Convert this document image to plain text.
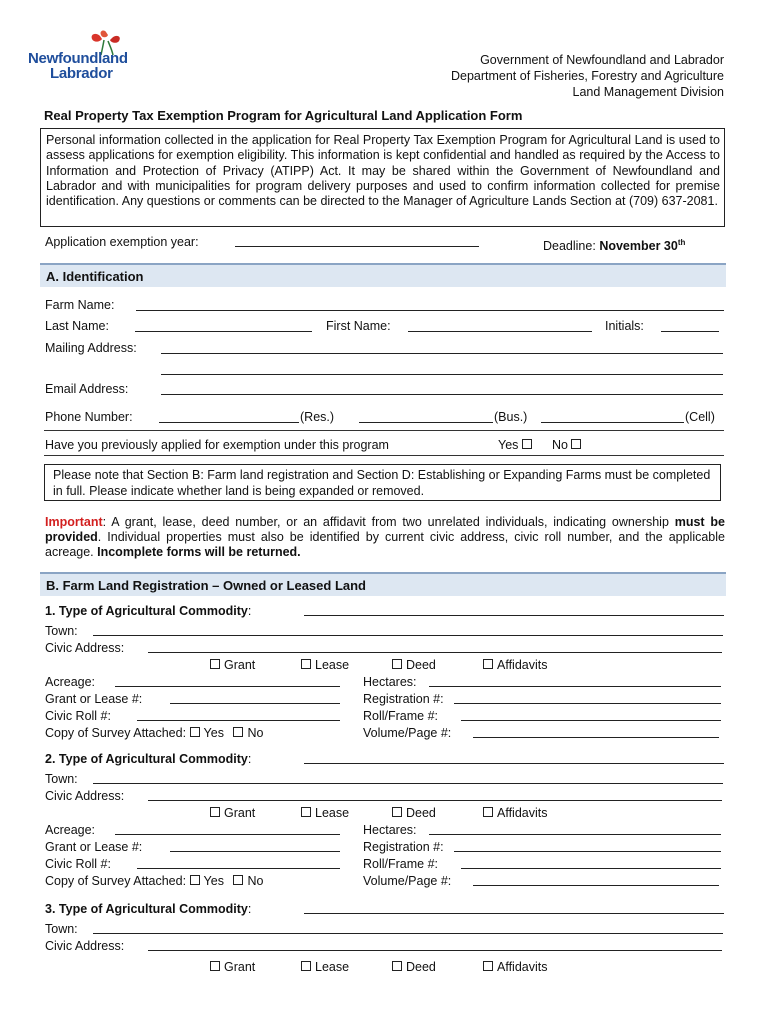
Newfoundland
Labrador
Government of Newfoundland and Labrador
Department of Fisheries, Forestry and Agriculture
Land Management Division
Real Property Tax Exemption Program for Agricultural Land Application Form
Personal information collected in the application for Real Property Tax Exemption Program for Agricultural Land is used to assess applications for exemption eligibility. This information is kept confidential and handled as required by the Access to Information and Protection of Privacy (ATIPP) Act. It may be shared within the Government of Newfoundland and Labrador and with municipalities for program delivery purposes and used to confirm information collected for premise identification. Any questions or comments can be directed to the Manager of Agriculture Lands Section at (709) 637-2081.
Application exemption year:	Deadline: November 30th
A. Identification
Farm Name:
Last Name:	First Name:	Initials:
Mailing Address:
Email Address:
Phone Number:	(Res.)	(Bus.)	(Cell)
Have you previously applied for exemption under this program	Yes	No
Please note that Section B: Farm land registration and Section D: Establishing or Expanding Farms must be completed in full. Please indicate whether land is being expanded or removed.
Important: A grant, lease, deed number, or an affidavit from two unrelated individuals, indicating ownership must be provided. Individual properties must also be identified by current civic address, civic roll number, and the applicable acreage. Incomplete forms will be returned.
B. Farm Land Registration – Owned or Leased Land
1. Type of Agricultural Commodity:
Town:
Civic Address:
Grant	Lease	Deed	Affidavits
Acreage:	Hectares:
Grant or Lease #:	Registration #:
Civic Roll #:	Roll/Frame #:
Copy of Survey Attached: Yes No	Volume/Page #:
2. Type of Agricultural Commodity:
Town:
Civic Address:
Grant	Lease	Deed	Affidavits
Acreage:	Hectares:
Grant or Lease #:	Registration #:
Civic Roll #:	Roll/Frame #:
Copy of Survey Attached: Yes No	Volume/Page #:
3. Type of Agricultural Commodity:
Town:
Civic Address:
Grant	Lease	Deed	Affidavits
